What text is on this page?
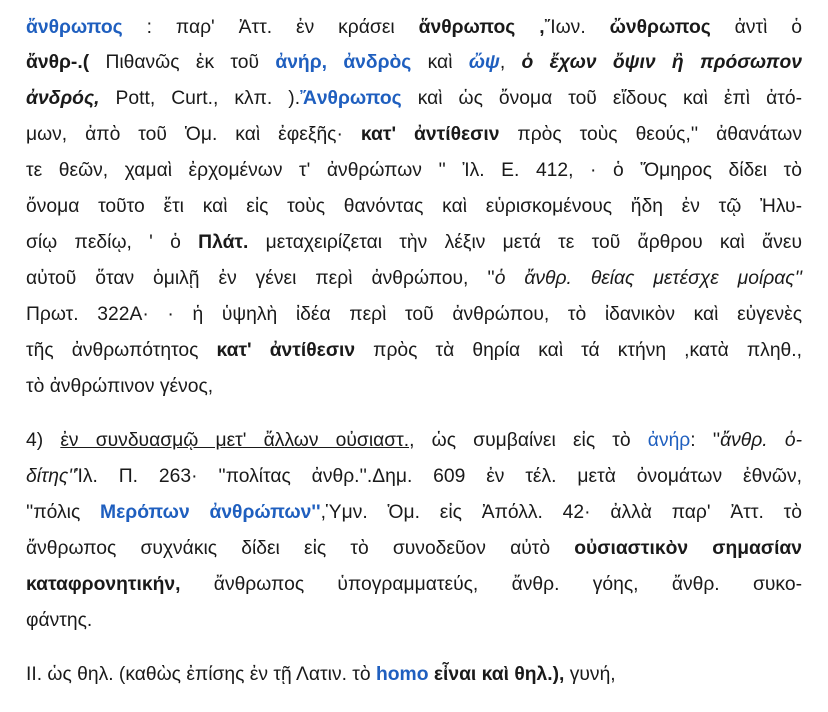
ἄνθρωπος : παρ' Ἀττ. ἐν κράσει ἅνθρωπος ,Ἴων. ὤνθρωπος ἀντὶ ὁ
ἄνθρ-.( Πιθανῶς ἐκ τοῦ ἀνήρ, ἀνδρὸς καὶ ὤψ, ὁ ἔχων ὄψιν ἢ πρόσωπον
ἀνδρός, Pott, Curt., κλπ. ).Ἄνθρωπος καὶ ὡς ὄνομα τοῦ εἴδους καὶ ἐπὶ ἀτό-
μων, ἀπὸ τοῦ Ὁμ. καὶ ἐφεξῆς· κατ' ἀντίθεσιν πρὸς τοὺς θεούς,'' ἀθανάτων
τε θεῶν, χαμαὶ ἐρχομένων τ' ἀνθρώπων '' Ἰλ. Ε. 412, · ὁ Ὅμηρος δίδει τὸ
ὄνομα τοῦτο ἔτι καὶ εἰς τοὺς θανόντας καὶ εὑρισκομένους ἤδη ἐν τῷ Ἠλυ-
σίῳ πεδίῳ, ' ὁ Πλάτ. μεταχειρίζεται τὴν λέξιν μετά τε τοῦ ἄρθρου καὶ ἄνευ
αὐτοῦ ὅταν ὁμιλῇ ἐν γένει περὶ ἀνθρώπου, ''ὁ ἄνθρ. θείας μετέσχε μοίρας''
Πρωτ. 322A· · ἡ ὑψηλὴ ἰδέα περὶ τοῦ ἀνθρώπου, τὸ ἰδανικὸν καὶ εὐγενὲς
τῆς ἀνθρωπότητος κατ' ἀντίθεσιν πρὸς τὰ θηρία καὶ τά κτήνη ,κατὰ πληθ.,
τὸ ἀνθρώπινον γένος,
4) ἐν συνδυασμῷ μετ' ἄλλων οὐσιαστ., ὡς συμβαίνει εἰς τὸ ἀνήρ: ''ἄνθρ. ὁ-
δίτης''Ἰλ. Π. 263· ''πολίτας ἀνθρ.''.Δημ. 609 ἐν τέλ. μετὰ ὀνομάτων ἐθνῶν,
''πόλις Μερόπων ἀνθρώπων'',Ὑμν. Ὁμ. εἰς Ἀπόλλ. 42· ἀλλὰ παρ' Ἀττ. τὸ
ἄνθρωπος συχνάκις δίδει εἰς τὸ συνοδεῦον αὐτὸ οὐσιαστικὸν σημασίαν
καταφρονητικήν, ἄνθρωπος ὑπογραμματεύς, ἄνθρ. γόης, ἄνθρ. συκο-
φάντης.
ΙΙ. ὡς θηλ. (καθὼς ἐπίσης ἐν τῇ Λατιν. τὸ homo εἶναι καὶ θηλ.), γυνή,
